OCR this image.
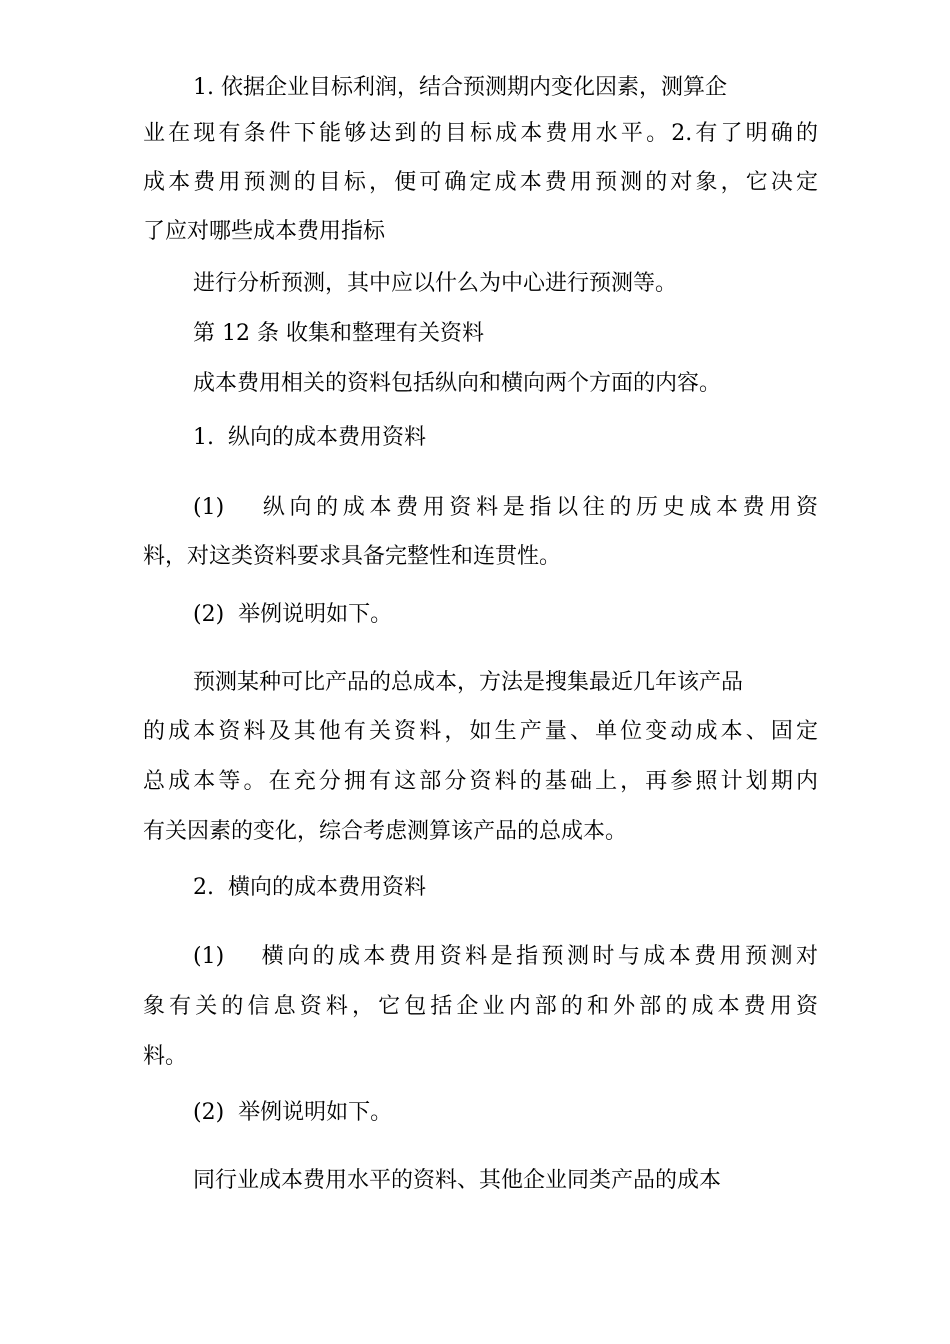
1. 依据企业目标利润，结合预测期内变化因素，测算企
业在现有条件下能够达到的目标成本费用水平。2.有了明确的
成本费用预测的目标，便可确定成本费用预测的对象，它决定
了应对哪些成本费用指标
进行分析预测，其中应以什么为中心进行预测等。
第 12 条 收集和整理有关资料
成本费用相关的资料包括纵向和横向两个方面的内容。
1. 纵向的成本费用资料
(1) 纵向的成本费用资料是指以往的历史成本费用资
料，对这类资料要求具备完整性和连贯性。
(2) 举例说明如下。
预测某种可比产品的总成本，方法是搜集最近几年该产品
的成本资料及其他有关资料，如生产量、单位变动成本、固定
总成本等。在充分拥有这部分资料的基础上，再参照计划期内
有关因素的变化，综合考虑测算该产品的总成本。
2. 横向的成本费用资料
(1) 横向的成本费用资料是指预测时与成本费用预测对
象有关的信息资料，它包括企业内部的和外部的成本费用资
料。
(2) 举例说明如下。
同行业成本费用水平的资料、其他企业同类产品的成本
